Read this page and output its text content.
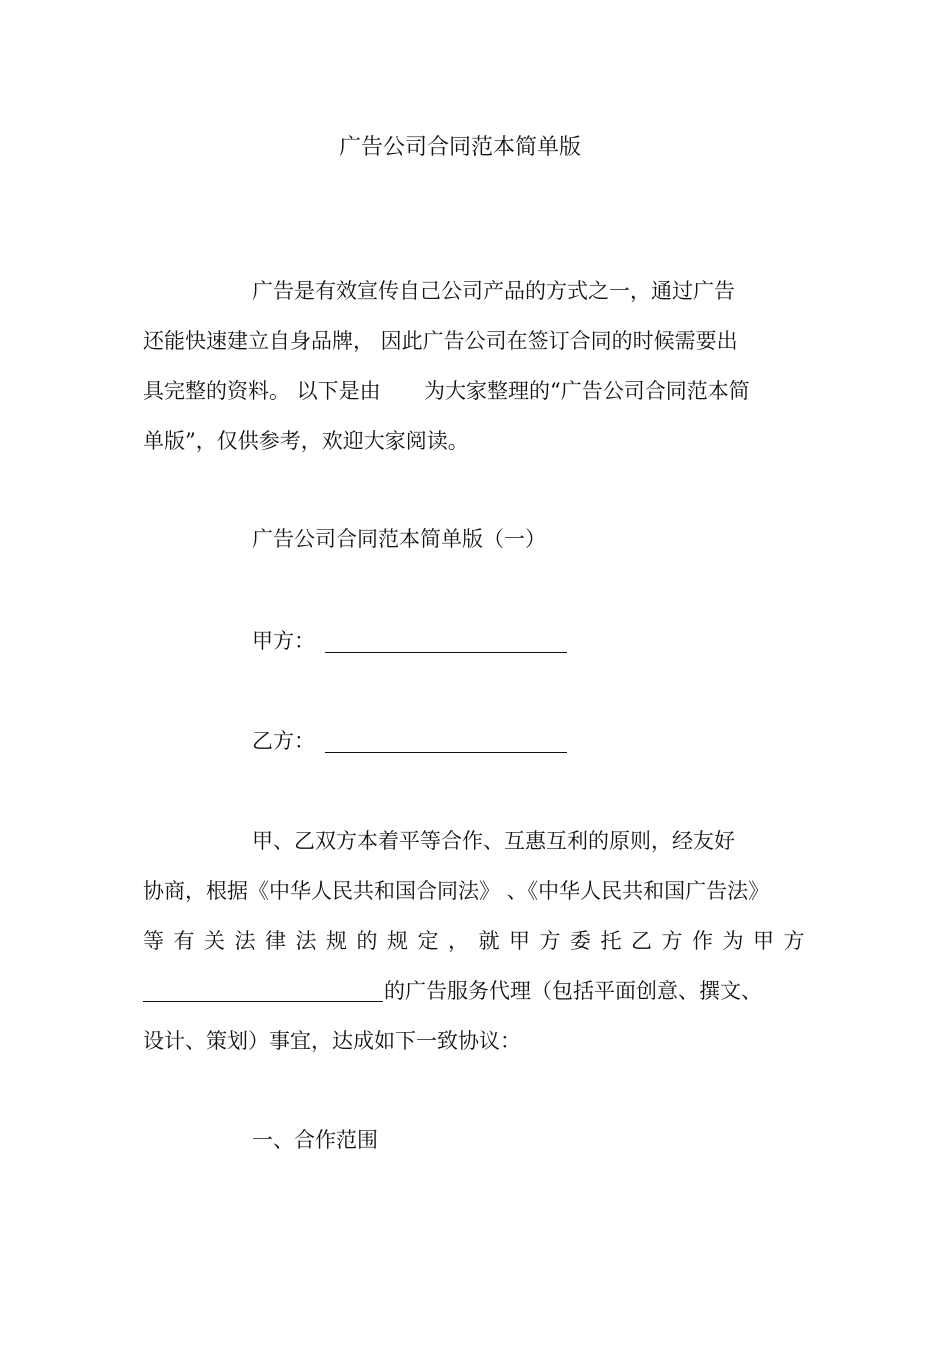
广告公司合同范本简单版
广告是有效宣传自己公司产品的方式之一，通过广告
还能快速建立自身品牌， 因此广告公司在签订合同的时候需要出
具完整的资料。 以下是由 为大家整理的“广告公司合同范本简
单版”，仅供参考，欢迎大家阅读。
广告公司合同范本简单版（一）
甲方：
乙方：
甲、乙双方本着平等合作、互惠互利的原则，经友好
协商，根据《中华人民共和国合同法》 、《中华人民共和国广告法》
等有关法律法规的规定，就甲方委托乙方作为甲方
的广告服务代理（包括平面创意、撰文、
设计、策划）事宜，达成如下一致协议：
一、合作范围
